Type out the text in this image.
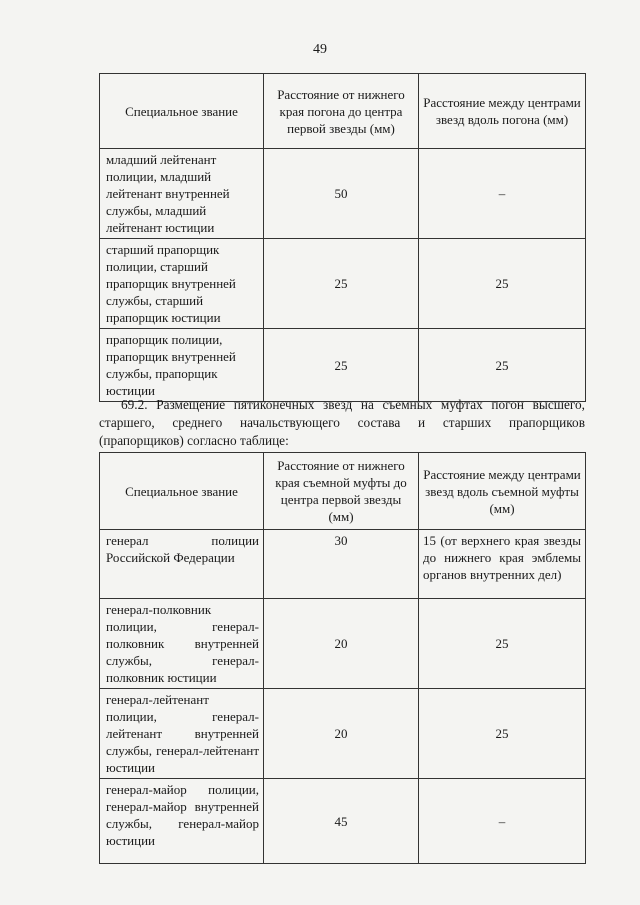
49
Специальное звание	Расстояние от нижнего края погона до центра первой звезды (мм)	Расстояние между центрами звезд вдоль погона (мм)
младший лейтенант полиции, младший лейтенант внутренней службы, младший лейтенант юстиции	50	–
старший прапорщик полиции, старший прапорщик внутренней службы, старший прапорщик юстиции	25	25
прапорщик полиции, прапорщик внутренней службы, прапорщик юстиции	25	25

69.2. Размещение пятиконечных звезд на съемных муфтах погон высшего, старшего, среднего начальствующего состава и старших прапорщиков (прапорщиков) согласно таблице:

Специальное звание	Расстояние от нижнего края съемной муфты до центра первой звезды (мм)	Расстояние между центрами звезд вдоль съемной муфты (мм)
генерал полиции Российской Федерации	30	15 (от верхнего края звезды до нижнего края эмблемы органов внутренних дел)
генерал-полковник полиции, генерал-полковник внутренней службы, генерал-полковник юстиции	20	25
генерал-лейтенант полиции, генерал-лейтенант внутренней службы, генерал-лейтенант юстиции	20	25
генерал-майор полиции, генерал-майор внутренней службы, генерал-майор юстиции	45	–
